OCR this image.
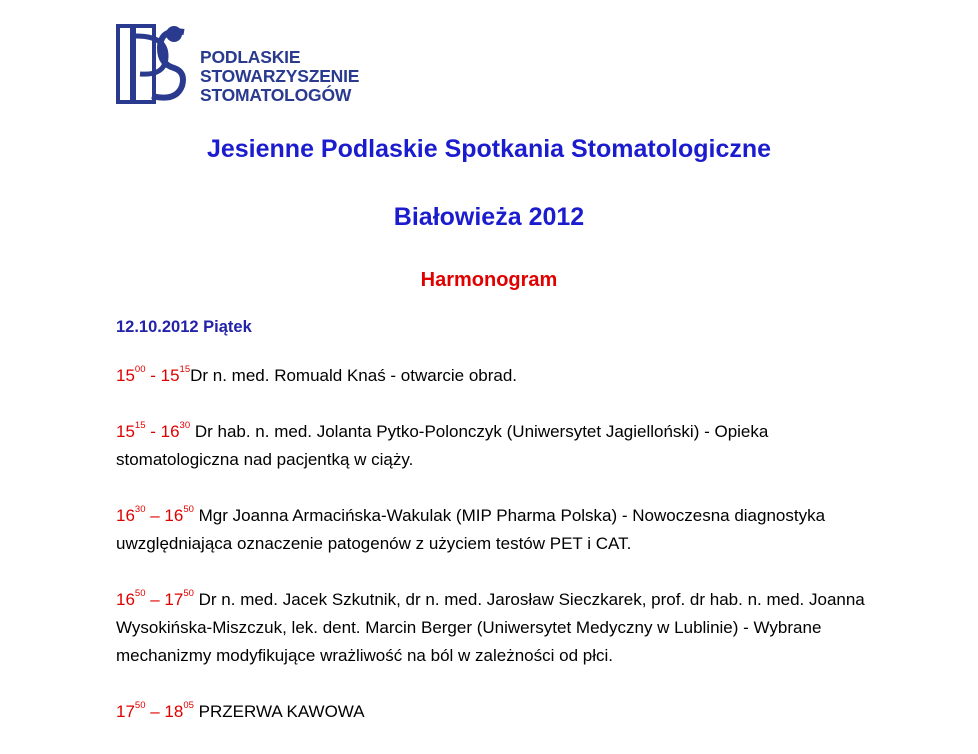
PODLASKIE
STOWARZYSZENIE
STOMATOLOGÓW
Jesienne Podlaskie Spotkania Stomatologiczne
Białowieża 2012
Harmonogram
12.10.2012 Piątek

$15^{00} - 15^{15}Dr$ n. med. Romuald Knaś - otwarcie obrad.

$15^{15} - 16^{30}$ Dr hab. n. med. Jolanta Pytko-Polonczyk (Uniwersytet Jagielloński) - Opieka stomatologiczna nad pacjentką w ciąży.

$16^{30} - 16^{50}$ Mgr Joanna Armacińska-Wakulak (MIP Pharma Polska) - Nowoczesna diagnostyka uwzględniająca oznaczenie patogenów z użyciem testów PET i CAT.

$16^{50} - 17^{50}$ Dr n. med. Jacek Szkutnik, dr n. med. Jarosław Sieczkarek, prof. dr hab. n. med. Joanna Wysokińska-Miszczuk, lek. dent. Marcin Berger (Uniwersytet Medyczny w Lublinie) - Wybrane mechanizmy modyfikujące wrażliwość na ból w zależności od płci.

$17^{50} - 18^{05}$ PRZERWA KAWOWA
